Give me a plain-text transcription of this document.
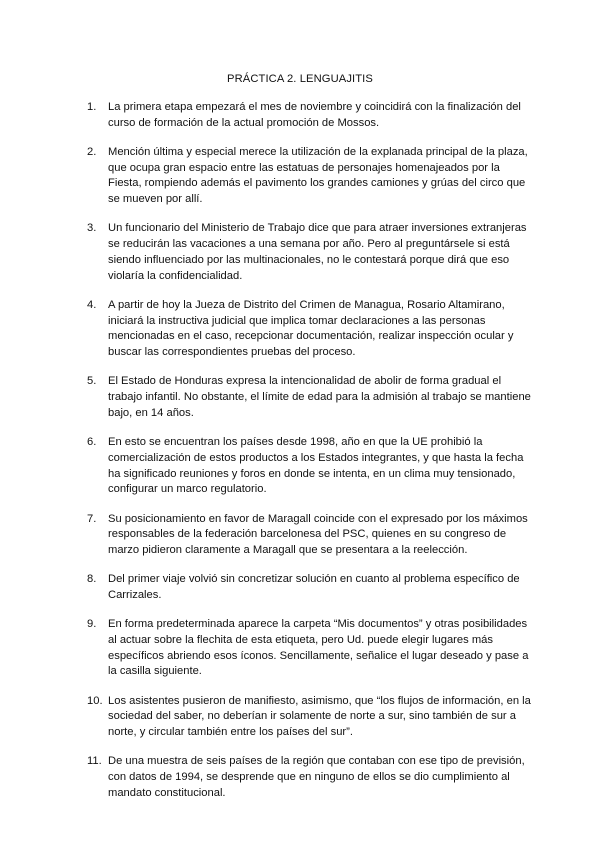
PRÁCTICA 2. LENGUAJITIS
1. La primera etapa empezará el mes de noviembre y coincidirá con la finalización del curso de formación de la actual promoción de Mossos.
2. Mención última y especial merece la utilización de la explanada principal de la plaza, que ocupa gran espacio entre las estatuas de personajes homenajeados por la Fiesta, rompiendo además el pavimento los grandes camiones y grúas del circo que se mueven por allí.
3. Un funcionario del Ministerio de Trabajo dice que para atraer inversiones extranjeras se reducirán las vacaciones a una semana por año. Pero al preguntársele si está siendo influenciado por las multinacionales, no le contestará porque dirá que eso violaría la confidencialidad.
4. A partir de hoy la Jueza de Distrito del Crimen de Managua, Rosario Altamirano, iniciará la instructiva judicial que implica tomar declaraciones a las personas mencionadas en el caso, recepcionar documentación, realizar inspección ocular y buscar las correspondientes pruebas del proceso.
5. El Estado de Honduras expresa la intencionalidad de abolir de forma gradual el trabajo infantil. No obstante, el límite de edad para la admisión al trabajo se mantiene bajo, en 14 años.
6. En esto se encuentran los países desde 1998, año en que la UE prohibió la comercialización de estos productos a los Estados integrantes, y que hasta la fecha ha significado reuniones y foros en donde se intenta, en un clima muy tensionado, configurar un marco regulatorio.
7. Su posicionamiento en favor de Maragall coincide con el expresado por los máximos responsables de la federación barcelonesa del PSC, quienes en su congreso de marzo pidieron claramente a Maragall que se presentara a la reelección.
8. Del primer viaje volvió sin concretizar solución en cuanto al problema específico de Carrizales.
9. En forma predeterminada aparece la carpeta “Mis documentos” y otras posibilidades al actuar sobre la flechita de esta etiqueta, pero Ud. puede elegir lugares más específicos abriendo esos íconos. Sencillamente, señalice el lugar deseado y pase a la casilla siguiente.
10. Los asistentes pusieron de manifiesto, asimismo, que “los flujos de información, en la sociedad del saber, no deberían ir solamente de norte a sur, sino también de sur a norte, y circular también entre los países del sur”.
11. De una muestra de seis países de la región que contaban con ese tipo de previsión, con datos de 1994, se desprende que en ninguno de ellos se dio cumplimiento al mandato constitucional.
